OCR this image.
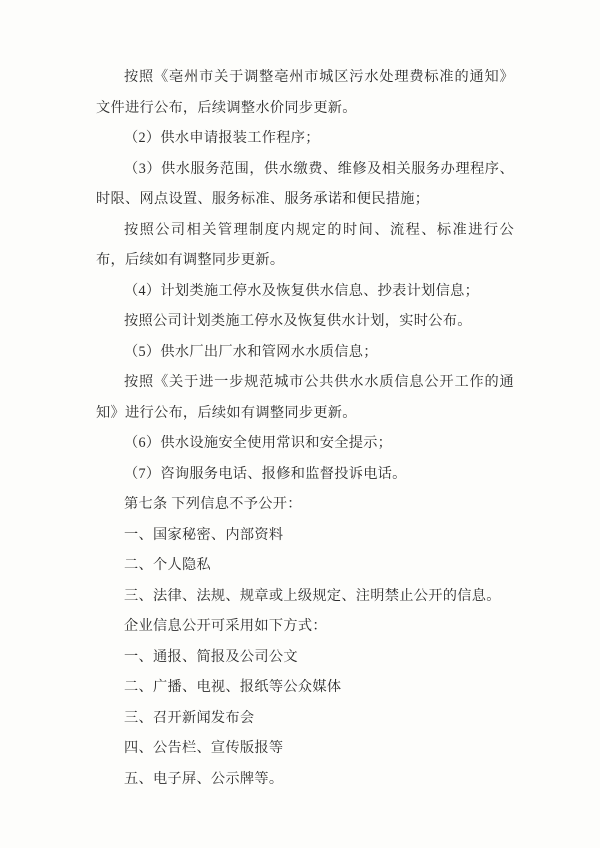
按照《亳州市关于调整亳州市城区污水处理费标准的通知》文件进行公布，后续调整水价同步更新。

（2）供水申请报装工作程序；

（3）供水服务范围，供水缴费、维修及相关服务办理程序、时限、网点设置、服务标准、服务承诺和便民措施；

按照公司相关管理制度内规定的时间、流程、标准进行公布，后续如有调整同步更新。

（4）计划类施工停水及恢复供水信息、抄表计划信息；

按照公司计划类施工停水及恢复供水计划，实时公布。

（5）供水厂出厂水和管网水水质信息；

按照《关于进一步规范城市公共供水水质信息公开工作的通知》进行公布，后续如有调整同步更新。

（6）供水设施安全使用常识和安全提示；

（7）咨询服务电话、报修和监督投诉电话。

第七条 下列信息不予公开：

一、国家秘密、内部资料

二、个人隐私

三、法律、法规、规章或上级规定、注明禁止公开的信息。

企业信息公开可采用如下方式：

一、通报、简报及公司公文

二、广播、电视、报纸等公众媒体

三、召开新闻发布会

四、公告栏、宣传版报等

五、电子屏、公示牌等。
